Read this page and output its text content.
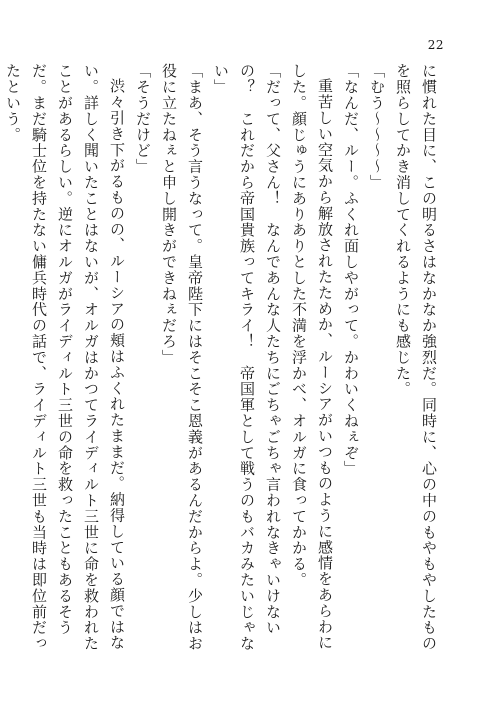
22

に慣れた目に、この明るさはなかなか強烈だ。同時に、心の中のもやもやしたものを照らしてかき消してくれるようにも感じた。

「むう〜〜〜〜」

「なんだ、ルー。ふくれ面しやがって。かわいくねぇぞ」

重苦しい空気から解放されたためか、ルーシアがいつものように感情をあらわにした。顔じゅうにありありとした不満を浮かべ、オルガに食ってかかる。

「だって、父さん！　なんであんな人たちにごちゃごちゃ言われなきゃいけないの？　これだから帝国貴族ってキライ！　帝国軍として戦うのもバカみたいじゃない」

「まあ、そう言うなって。皇帝陛下にはそこそこ恩義があるんだからよ。少しはお役に立たねぇと申し開きができねぇだろ」

「そうだけど」

渋々引き下がるものの、ルーシアの頬はふくれたままだ。納得している顔ではない。詳しく聞いたことはないが、オルガはかつてライディルト三世に命を救われたことがあるらしい。逆にオルガがライディルト三世の命を救ったこともあるそうだ。まだ騎士位を持たない傭兵時代の話で、ライディルト三世も当時は即位前だったという。
